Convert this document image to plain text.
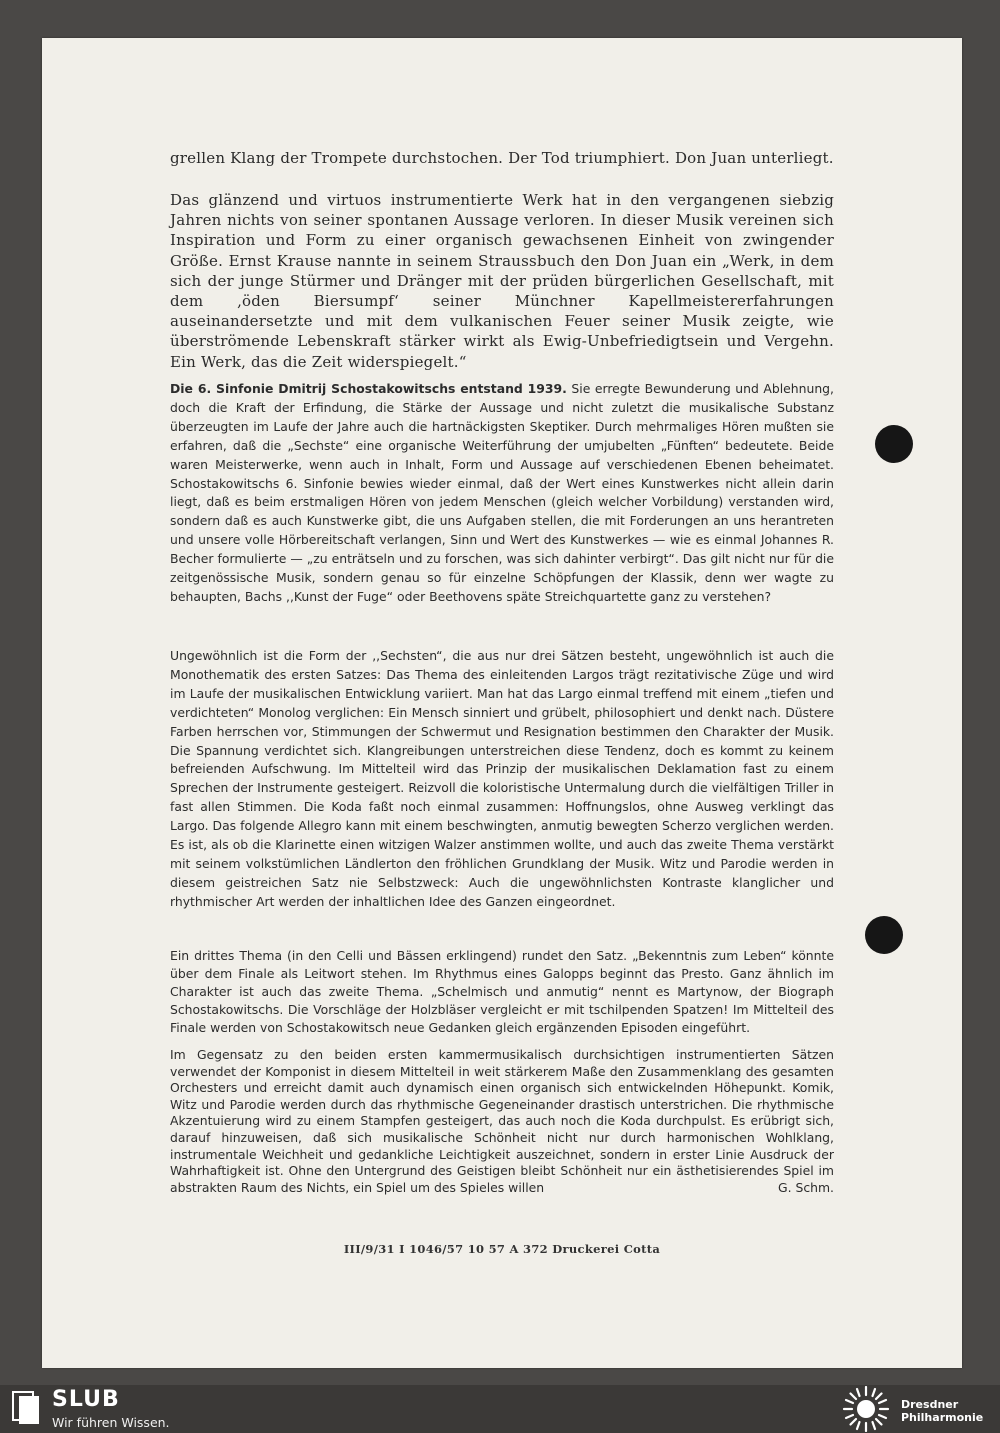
grellen Klang der Trompete durchstochen. Der Tod triumphiert. Don Juan unterliegt.

Das glänzend und virtuos instrumentierte Werk hat in den vergangenen siebzig Jahren nichts von seiner spontanen Aussage verloren. In dieser Musik vereinen sich Inspiration und Form zu einer organisch gewachsenen Einheit von zwingender Größe. Ernst Krause nannte in seinem Straussbuch den Don Juan ein „Werk, in dem sich der junge Stürmer und Dränger mit der prüden bürgerlichen Gesellschaft, mit dem ‚öden Biersumpf‘ seiner Münchner Kapellmeistererfahrungen auseinandersetzte und mit dem vulkanischen Feuer seiner Musik zeigte, wie überströmende Lebenskraft stärker wirkt als Ewig-Unbefriedigtsein und Vergehn. Ein Werk, das die Zeit widerspiegelt.“

Die 6. Sinfonie Dmitrij Schostakowitschs entstand 1939. Sie erregte Bewunderung und Ablehnung, doch die Kraft der Erfindung, die Stärke der Aussage und nicht zuletzt die musikalische Substanz überzeugten im Laufe der Jahre auch die hartnäckigsten Skeptiker. Durch mehrmaliges Hören mußten sie erfahren, daß die „Sechste“ eine organische Weiterführung der umjubelten „Fünften“ bedeutete. Beide waren Meisterwerke, wenn auch in Inhalt, Form und Aussage auf verschiedenen Ebenen beheimatet. Schostakowitschs 6. Sinfonie bewies wieder einmal, daß der Wert eines Kunstwerkes nicht allein darin liegt, daß es beim erstmaligen Hören von jedem Menschen (gleich welcher Vorbildung) verstanden wird, sondern daß es auch Kunstwerke gibt, die uns Aufgaben stellen, die mit Forderungen an uns herantreten und unsere volle Hörbereitschaft verlangen, Sinn und Wert des Kunstwerkes — wie es einmal Johannes R. Becher formulierte — „zu enträtseln und zu forschen, was sich dahinter verbirgt“. Das gilt nicht nur für die zeitgenössische Musik, sondern genau so für einzelne Schöpfungen der Klassik, denn wer wagte zu behaupten, Bachs ,,Kunst der Fuge“ oder Beethovens späte Streichquartette ganz zu verstehen?

Ungewöhnlich ist die Form der ,,Sechsten“, die aus nur drei Sätzen besteht, ungewöhnlich ist auch die Monothematik des ersten Satzes: Das Thema des einleitenden Largos trägt rezitativische Züge und wird im Laufe der musikalischen Entwicklung variiert. Man hat das Largo einmal treffend mit einem „tiefen und verdichteten“ Monolog verglichen: Ein Mensch sinniert und grübelt, philosophiert und denkt nach. Düstere Farben herrschen vor, Stimmungen der Schwermut und Resignation bestimmen den Charakter der Musik. Die Spannung verdichtet sich. Klangreibungen unterstreichen diese Tendenz, doch es kommt zu keinem befreienden Aufschwung. Im Mittelteil wird das Prinzip der musikalischen Deklamation fast zu einem Sprechen der Instrumente gesteigert. Reizvoll die koloristische Untermalung durch die vielfältigen Triller in fast allen Stimmen. Die Koda faßt noch einmal zusammen: Hoffnungslos, ohne Ausweg verklingt das Largo. Das folgende Allegro kann mit einem beschwingten, anmutig bewegten Scherzo verglichen werden. Es ist, als ob die Klarinette einen witzigen Walzer anstimmen wollte, und auch das zweite Thema verstärkt mit seinem volkstümlichen Ländlerton den fröhlichen Grundklang der Musik. Witz und Parodie werden in diesem geistreichen Satz nie Selbstzweck: Auch die ungewöhnlichsten Kontraste klanglicher und rhythmischer Art werden der inhaltlichen Idee des Ganzen eingeordnet.

Ein drittes Thema (in den Celli und Bässen erklingend) rundet den Satz. „Bekenntnis zum Leben“ könnte über dem Finale als Leitwort stehen. Im Rhythmus eines Galopps beginnt das Presto. Ganz ähnlich im Charakter ist auch das zweite Thema. „Schelmisch und anmutig“ nennt es Martynow, der Biograph Schostakowitschs. Die Vorschläge der Holzbläser vergleicht er mit tschilpenden Spatzen! Im Mittelteil des Finale werden von Schostakowitsch neue Gedanken gleich ergänzenden Episoden eingeführt.

Im Gegensatz zu den beiden ersten kammermusikalisch durchsichtigen instrumentierten Sätzen verwendet der Komponist in diesem Mittelteil in weit stärkerem Maße den Zusammenklang des gesamten Orchesters und erreicht damit auch dynamisch einen organisch sich entwickelnden Höhepunkt. Komik, Witz und Parodie werden durch das rhythmische Gegeneinander drastisch unterstrichen. Die rhythmische Akzentuierung wird zu einem Stampfen gesteigert, das auch noch die Koda durchpulst. Es erübrigt sich, darauf hinzuweisen, daß sich musikalische Schönheit nicht nur durch harmonischen Wohlklang, instrumentale Weichheit und gedankliche Leichtigkeit auszeichnet, sondern in erster Linie Ausdruck der Wahrhaftigkeit ist. Ohne den Untergrund des Geistigen bleibt Schönheit nur ein ästhetisierendes Spiel im abstrakten Raum des Nichts, ein Spiel um des Spieles willen	G. Schm.

III/9/31 I 1046/57 10 57 A 372 Druckerei Cotta
SLUB
Wir führen Wissen.
Dresdner
Philharmonie
